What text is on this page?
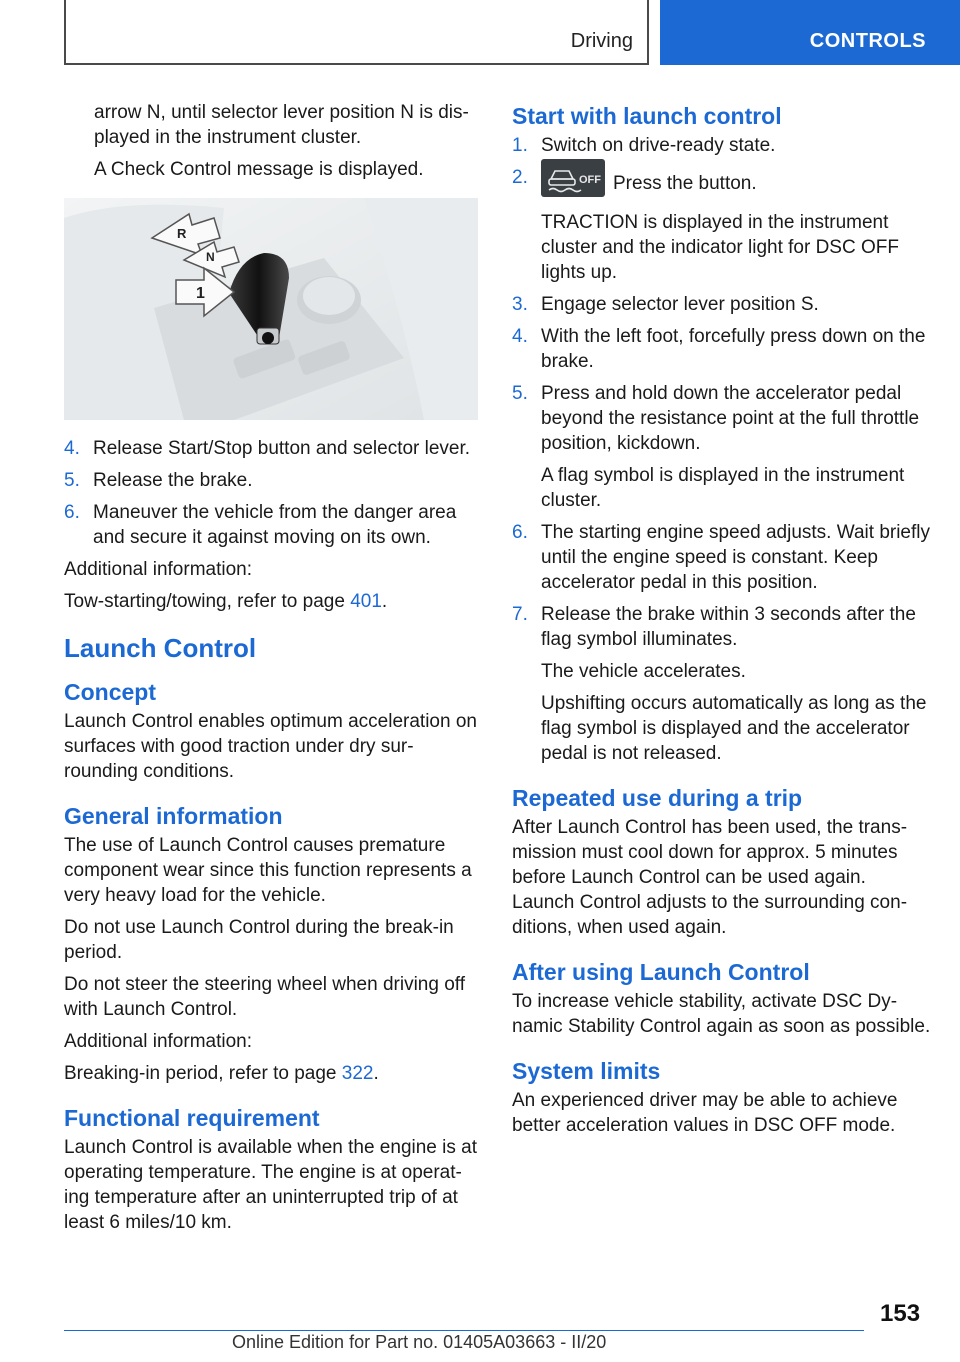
Driving	CONTROLS

arrow N, until selector lever position N is dis‐played in the instrument cluster.

A Check Control message is displayed.

R
N
1
4. Release Start/Stop button and selector lever.
5. Release the brake.
6. Maneuver the vehicle from the danger area and secure it against moving on its own.

Additional information:

Tow-starting/towing, refer to page 401.

Launch Control
Concept

Launch Control enables optimum acceleration on surfaces with good traction under dry sur‐rounding conditions.

General information

The use of Launch Control causes premature component wear since this function represents a very heavy load for the vehicle.

Do not use Launch Control during the break-in period.

Do not steer the steering wheel when driving off with Launch Control.

Additional information:

Breaking-in period, refer to page 322.

Functional requirement

Launch Control is available when the engine is at operating temperature. The engine is at operat‐ing temperature after an uninterrupted trip of at least 6 miles/10 km.

Start with launch control
1. Switch on drive-ready state.

2.	OFF Press the button.

TRACTION is displayed in the instrument cluster and the indicator light for DSC OFF lights up.

3. Engage selector lever position S.

4. With the left foot, forcefully press down on the brake.

5. Press and hold down the accelerator pedal beyond the resistance point at the full throttle position, kickdown.

A flag symbol is displayed in the instrument cluster.

6. The starting engine speed adjusts. Wait briefly until the engine speed is constant. Keep accelerator pedal in this position.

7. Release the brake within 3 seconds after the flag symbol illuminates.

The vehicle accelerates.

Upshifting occurs automatically as long as the flag symbol is displayed and the accelerator pedal is not released.

Repeated use during a trip

After Launch Control has been used, the trans‐mission must cool down for approx. 5 minutes before Launch Control can be used again. Launch Control adjusts to the surrounding con‐ditions, when used again.

After using Launch Control

To increase vehicle stability, activate DSC Dy‐namic Stability Control again as soon as possible.

System limits

An experienced driver may be able to achieve better acceleration values in DSC OFF mode.

153
Online Edition for Part no. 01405A03663 - II/20
